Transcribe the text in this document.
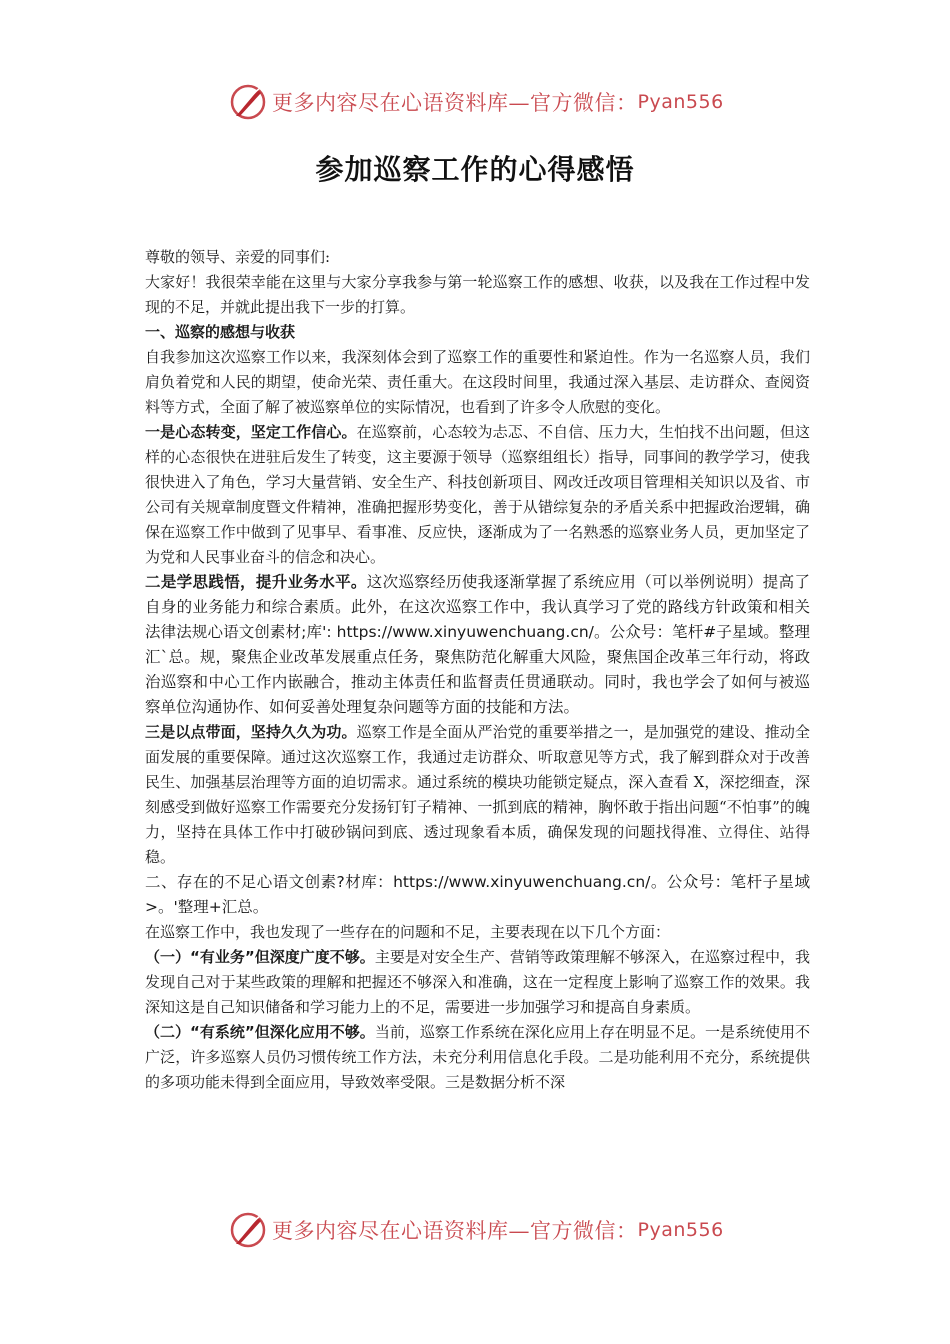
更多内容尽在心语资料库—官方微信： Pyan556
参加巡察工作的心得感悟

尊敬的领导、亲爱的同事们:

大家好！我很荣幸能在这里与大家分享我参与第一轮巡察工作的感想、收获，以及我在工作过程中发现的不足，并就此提出我下一步的打算。

一、巡察的感想与收获

自我参加这次巡察工作以来，我深刻体会到了巡察工作的重要性和紧迫性。作为一名巡察人员，我们肩负着党和人民的期望，使命光荣、责任重大。在这段时间里，我通过深入基层、走访群众、查阅资料等方式，全面了解了被巡察单位的实际情况，也看到了许多令人欣慰的变化。

一是心态转变，坚定工作信心。在巡察前，心态较为忐忑、不自信、压力大，生怕找不出问题，但这样的心态很快在进驻后发生了转变，这主要源于领导（巡察组组长）指导，同事间的教学学习，使我很快进入了角色，学习大量营销、安全生产、科技创新项目、网改迁改项目管理相关知识以及省、市公司有关规章制度暨文件精神，准确把握形势变化，善于从错综复杂的矛盾关系中把握政治逻辑，确保在巡察工作中做到了见事早、看事准、反应快，逐渐成为了一名熟悉的巡察业务人员，更加坚定了为党和人民事业奋斗的信念和决心。

二是学思践悟，提升业务水平。这次巡察经历使我逐渐掌握了系统应用（可以举例说明）提高了自身的业务能力和综合素质。此外，在这次巡察工作中，我认真学习了党的路线方针政策和相关法律法规心语文创素材;库': https://www.xinyuwenchuang.cn/。公众号：笔杆#子星域。整理汇`总。规，聚焦企业改革发展重点任务，聚焦防范化解重大风险，聚焦国企改革三年行动，将政治巡察和中心工作内嵌融合，推动主体责任和监督责任贯通联动。同时，我也学会了如何与被巡察单位沟通协作、如何妥善处理复杂问题等方面的技能和方法。

三是以点带面，坚持久久为功。巡察工作是全面从严治党的重要举措之一，是加强党的建设、推动全面发展的重要保障。通过这次巡察工作，我通过走访群众、听取意见等方式，我了解到群众对于改善民生、加强基层治理等方面的迫切需求。通过系统的模块功能锁定疑点，深入查看 X，深挖细查，深刻感受到做好巡察工作需要充分发扬钉钉子精神、一抓到底的精神，胸怀敢于指出问题“不怕事”的魄力，坚持在具体工作中打破砂锅问到底、透过现象看本质，确保发现的问题找得准、立得住、站得稳。

二、存在的不足心语文创素?材库：https://www.xinyuwenchuang.cn/。公众号：笔杆子星域>。'整理+汇总。

在巡察工作中，我也发现了一些存在的问题和不足，主要表现在以下几个方面：

（一）“有业务”但深度广度不够。主要是对安全生产、营销等政策理解不够深入，在巡察过程中，我发现自己对于某些政策的理解和把握还不够深入和准确，这在一定程度上影响了巡察工作的效果。我深知这是自己知识储备和学习能力上的不足，需要进一步加强学习和提高自身素质。

（二）“有系统”但深化应用不够。当前，巡察工作系统在深化应用上存在明显不足。一是系统使用不广泛，许多巡察人员仍习惯传统工作方法，未充分利用信息化手段。二是功能利用不充分，系统提供的多项功能未得到全面应用，导致效率受限。三是数据分析不深

更多内容尽在心语资料库—官方微信： Pyan556
